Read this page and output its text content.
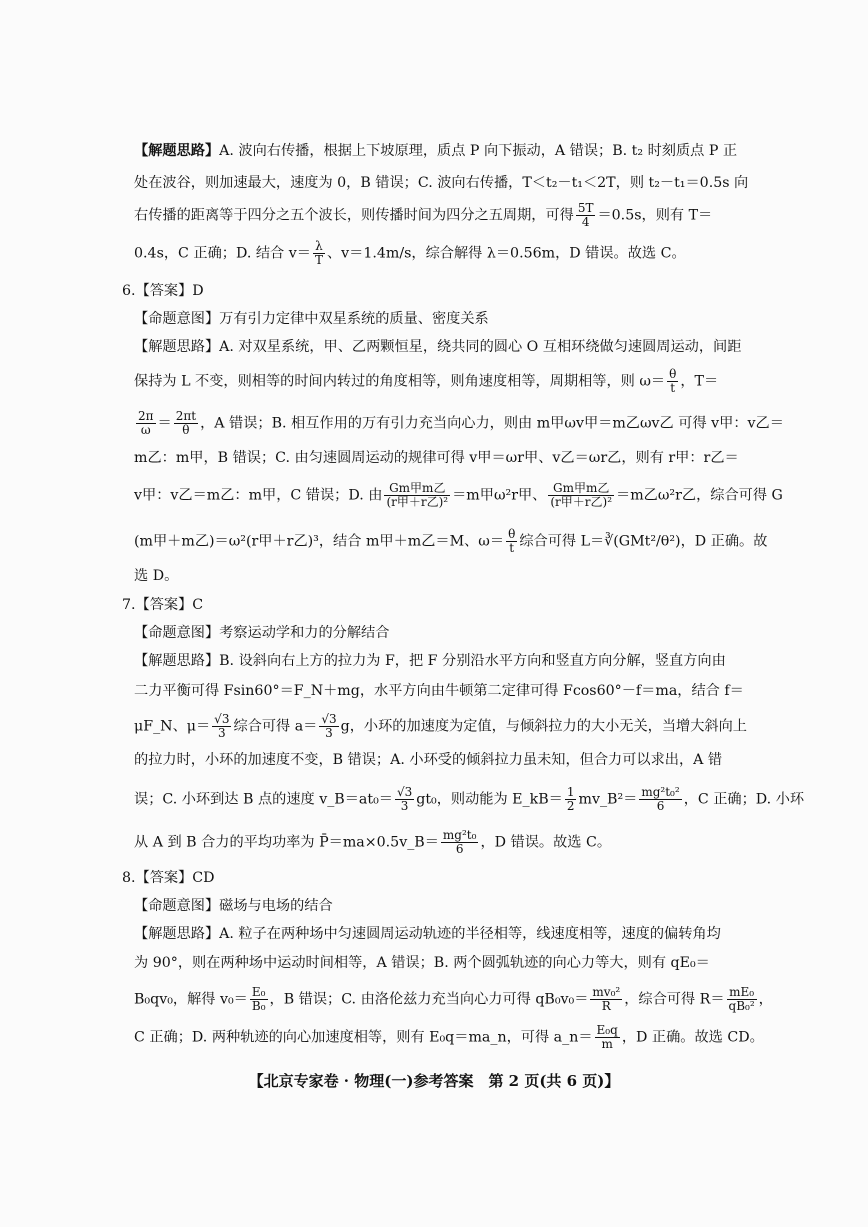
【解题思路】A. 波向右传播，根据上下坡原理，质点 P 向下振动，A 错误；B. t₂ 时刻质点 P 正
处在波谷，则加速最大，速度为 0，B 错误；C. 波向右传播，T＜t₂－t₁＜2T，则 t₂－t₁＝0.5s 向
右传播的距离等于四分之五个波长，则传播时间为四分之五周期，可得 $\frac{5T}{4} =0.5s$，则有 T＝
0.4s，C 正确；D. 结合 $v= \frac{\lambda}{T}$ 、v＝1.4m/s，综合解得 λ＝0.56m，D 错误。故选 C。
6.【答案】D
【命题意图】万有引力定律中双星系统的质量、密度关系
【解题思路】A. 对双星系统，甲、乙两颗恒星，绕共同的圆心 O 互相环绕做匀速圆周运动，间距
保持为 L 不变，则相等的时间内转过的角度相等，则角速度相等，周期相等，则 $\omega= \frac{\theta}{t}$ ，T＝
$\frac{2\pi}{\omega} = \frac{2\pi t}{\theta}$ ，A 错误；B. 相互作用的万有引力充当向心力，则由 m甲ωv甲＝m乙ωv乙 可得 v甲：v乙＝
m乙：m甲，B 错误；C. 由匀速圆周运动的规律可得 v甲＝ωr甲、v乙＝ωr乙，则有 r甲：r乙＝
v甲：v乙＝m乙：m甲，C 错误；D. 由 Gm甲m乙
(r甲＋r乙)² ＝m甲ω²r甲、 Gm甲m乙
(r甲＋r乙)² ＝m乙ω²r乙，综合可得 G
(m甲＋m乙)＝ω²(r甲＋r乙)³，结合 m甲＋m乙＝M、$\omega= \frac{\theta}{t}$ 综合可得 L＝∛(GMt²/θ²)，D 正确。故
选 D。
7.【答案】C
【命题意图】考察运动学和力的分解结合
【解题思路】B. 设斜向右上方的拉力为 F，把 F 分别沿水平方向和竖直方向分解，竖直方向由
二力平衡可得 Fsin60°＝F_N＋mg，水平方向由牛顿第二定律可得 Fcos60°－f＝ma，结合 f＝
μF_N、$\mu= \frac{√3}{3}$ 综合可得 $a= \frac{√3}{3}$ g，小环的加速度为定值，与倾斜拉力的大小无关，当增大斜向上
的拉力时，小环的加速度不变，B 错误；A. 小环受的倾斜拉力虽未知，但合力可以求出，A 错
误；C. 小环到达 B 点的速度 v_B＝at₀＝ $\frac{√3}{3} gt_0$，则动能为 E_kB＝ $\frac{1}{2}$ mv_B²＝ $\frac{\text{mg²t₀²}}{6}$ ，C 正确；D. 小环
从 A 到 B 合力的平均功率为 P̄＝ma×0.5v_B＝ $\frac{\text{mg²t₀}}{6}$ ，D 错误。故选 C。
8.【答案】CD
【命题意图】磁场与电场的结合
【解题思路】A. 粒子在两种场中匀速圆周运动轨迹的半径相等，线速度相等，速度的偏转角均
为 90°，则在两种场中运动时间相等，A 错误；B. 两个圆弧轨迹的向心力等大，则有 qE₀＝
B₀qv₀，解得 $v_0= \frac{\text{E₀}}{\text{B₀}}$ ，B 错误；C. 由洛伦兹力充当向心力可得 $qB_0v_0= \frac{\text{mv₀²}}{R}$ ，综合可得 $R= \frac{\text{mE₀}}{\text{qB₀²}}$ ，
C 正确；D. 两种轨迹的向心加速度相等，则有 E₀q＝ma_n，可得 a_n＝ $\frac{\text{E₀q}}{m}$ ，D 正确。故选 CD。
【北京专家卷 · 物理(一)参考答案　第 2 页(共 6 页)】
